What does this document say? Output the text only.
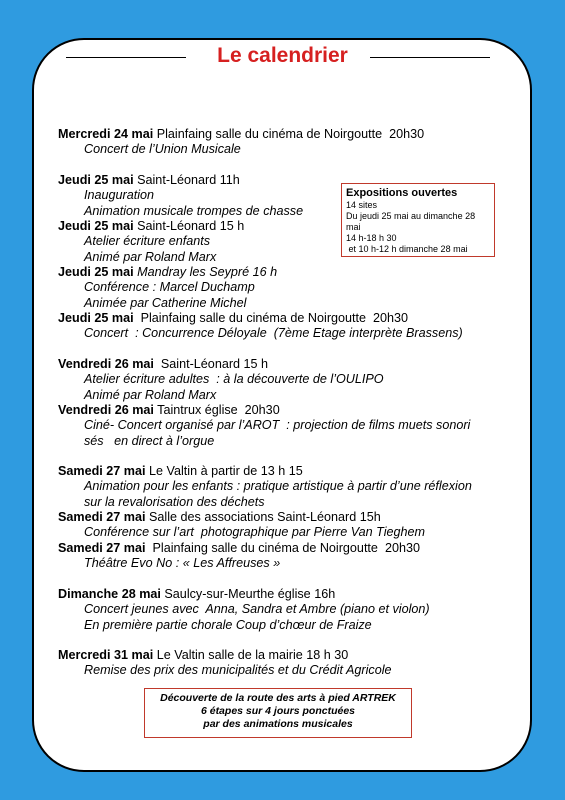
Le calendrier
Mercredi 24 mai Plainfaing salle du cinéma de Noirgoutte  20h30
Concert de l’Union Musicale
Jeudi 25 mai Saint-Léonard 11h
Inauguration
Animation musicale trompes de chasse
Jeudi 25 mai Saint-Léonard 15 h
Atelier écriture enfants
Animé par Roland Marx
Jeudi 25 mai Mandray les Seypré 16 h
Conférence : Marcel Duchamp
Animée par Catherine Michel
Jeudi 25 mai  Plainfaing salle du cinéma de Noirgoutte  20h30
Concert  : Concurrence Déloyale  (7ème Etage interprète Brassens)
Vendredi 26 mai  Saint-Léonard 15 h
Atelier écriture adultes  : à la découverte de l’OULIPO
Animé par Roland Marx
Vendredi 26 mai Taintrux église  20h30
Ciné- Concert organisé par l’AROT  : projection de films muets sonori
sés   en direct à l’orgue
Samedi 27 mai Le Valtin à partir de 13 h 15
Animation pour les enfants : pratique artistique à partir d’une réflexion
sur la revalorisation des déchets
Samedi 27 mai Salle des associations Saint-Léonard 15h
Conférence sur l’art  photographique par Pierre Van Tieghem
Samedi 27 mai  Plainfaing salle du cinéma de Noirgoutte  20h30
Théâtre Evo No : « Les Affreuses »
Dimanche 28 mai Saulcy-sur-Meurthe église 16h
Concert jeunes avec  Anna, Sandra et Ambre (piano et violon)
En première partie chorale Coup d’chœur de Fraize
Mercredi 31 mai Le Valtin salle de la mairie 18 h 30
Remise des prix des municipalités et du Crédit Agricole
Expositions ouvertes
14 sites
Du jeudi 25 mai au dimanche 28
mai
14 h-18 h 30
et 10 h-12 h dimanche 28 mai
Découverte de la route des arts à pied ARTREK
6 étapes sur 4 jours ponctuées
par des animations musicales
